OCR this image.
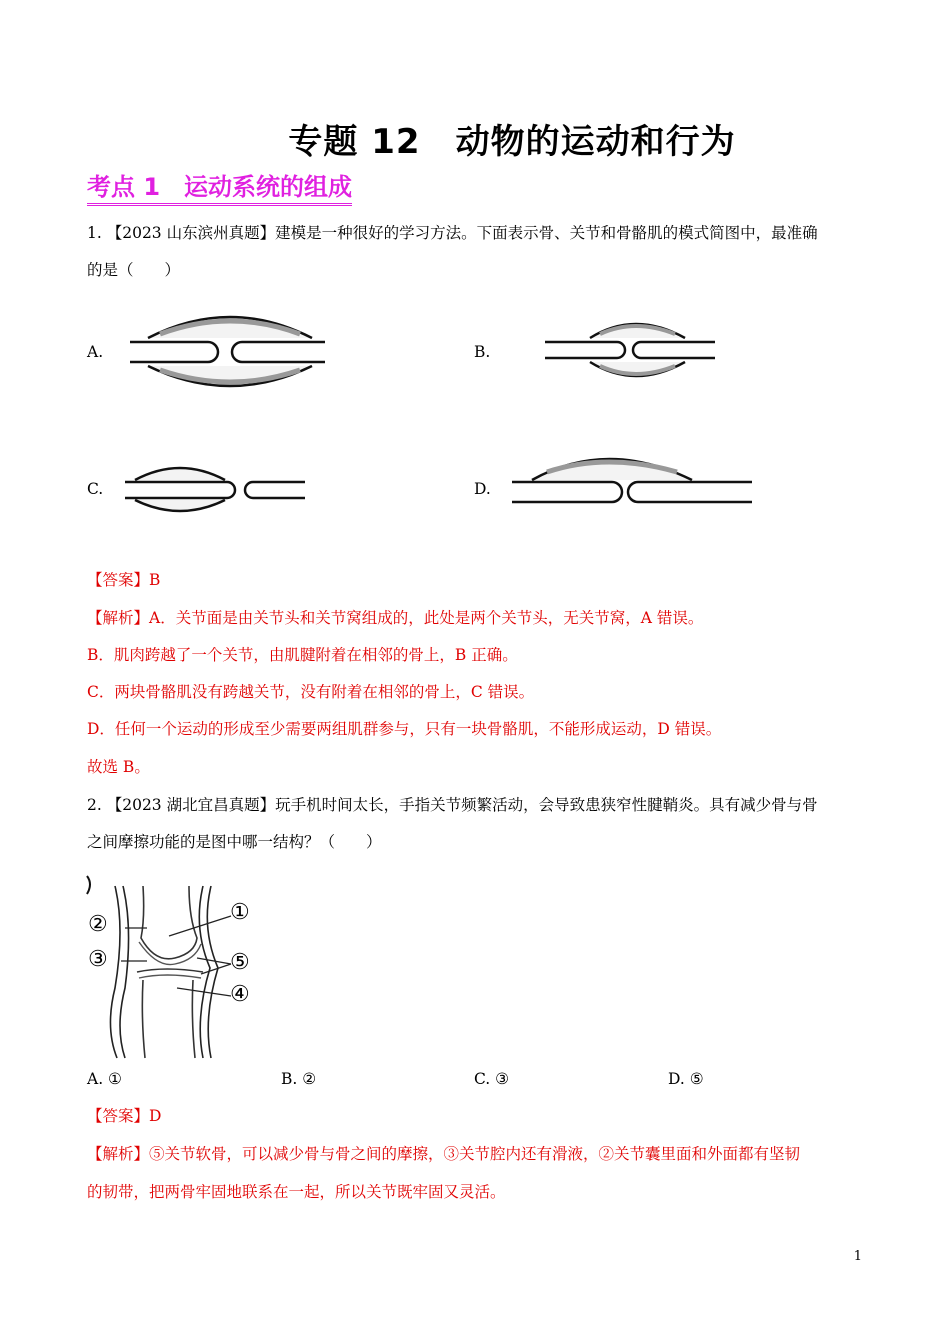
专题 12　动物的运动和行为
考点 1　运动系统的组成
1. 【2023 山东滨州真题】建模是一种很好的学习方法。下面表示骨、关节和骨骼肌的模式简图中，最准确
的是（　　）
A.	B.
C.	D.
【答案】B
【解析】A．关节面是由关节头和关节窝组成的，此处是两个关节头，无关节窝，A 错误。
B．肌肉跨越了一个关节，由肌腱附着在相邻的骨上，B 正确。
C．两块骨骼肌没有跨越关节，没有附着在相邻的骨上，C 错误。
D．任何一个运动的形成至少需要两组肌群参与，只有一块骨骼肌，不能形成运动，D 错误。
故选 B。
2. 【2023 湖北宜昌真题】玩手机时间太长，手指关节频繁活动，会导致患狭窄性腱鞘炎。具有减少骨与骨
之间摩擦功能的是图中哪一结构？（　　）
①
②
③
④
⑤
A. ①	B. ②	C. ③	D. ⑤
【答案】D
【解析】⑤关节软骨，可以减少骨与骨之间的摩擦，③关节腔内还有滑液，②关节囊里面和外面都有坚韧
的韧带，把两骨牢固地联系在一起，所以关节既牢固又灵活。
1
